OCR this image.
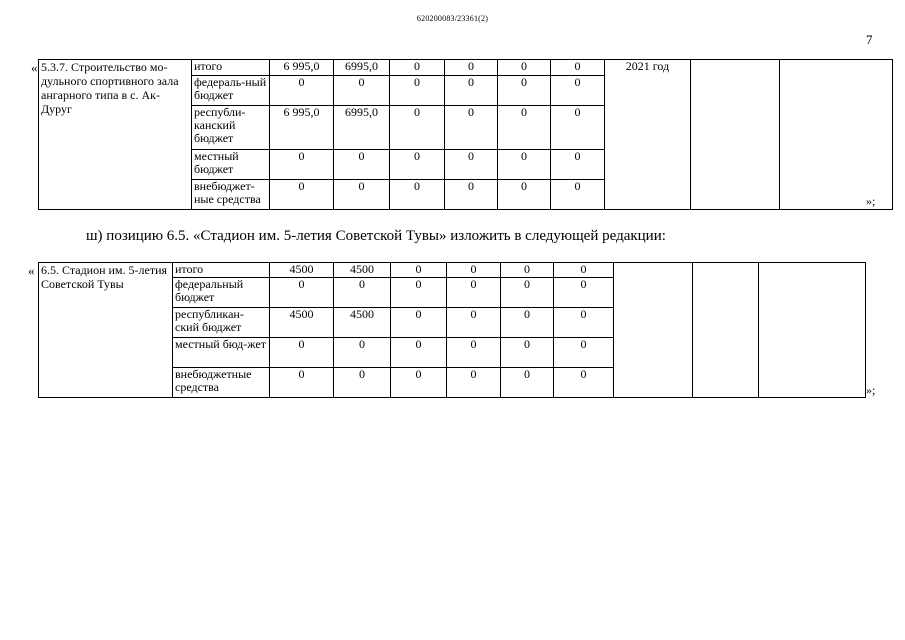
620200083/23361(2)
7
« 5.3.7. Строительство мо-дульного спортивного зала ангарного типа в с. Ак-Дуруг	итого	6 995,0	6995,0	0	0	0	0	2021 год		
	федераль-ный бюджет	0	0	0	0	0	0			
	республи-канский бюджет	6 995,0	6995,0	0	0	0	0			
	местный бюджет	0	0	0	0	0	0			
	внебюджет-ные средства	0	0	0	0	0	0			
»;
ш) позицию 6.5. «Стадион им. 5-летия Советской Тувы» изложить в следующей редакции:
« 6.5. Стадион им. 5-летия Советской Тувы	итого	4500	4500	0	0	0	0			
	федеральный бюджет	0	0	0	0	0	0			
	республикан-ский бюджет	4500	4500	0	0	0	0			
	местный бюд-жет	0	0	0	0	0	0			
	внебюджетные средства	0	0	0	0	0	0			
»;
